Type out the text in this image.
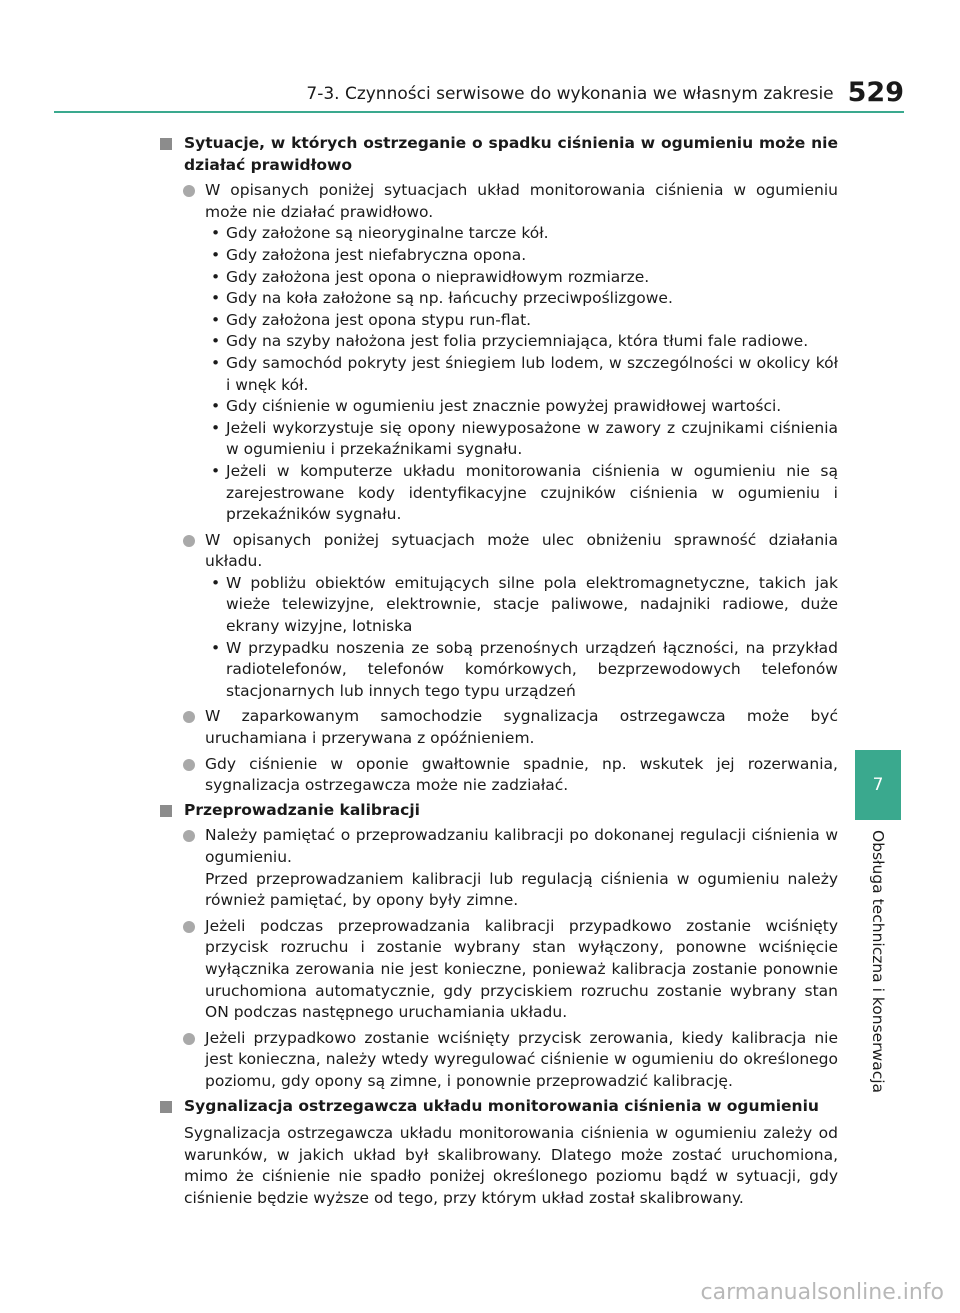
7-3. Czynności serwisowe do wykonania we własnym zakresie 529
7
Obsługa techniczna i konserwacja
Sytuacje, w których ostrzeganie o spadku ciśnienia w ogumieniu może nie działać prawidłowo
W opisanych poniżej sytuacjach układ monitorowania ciśnienia w ogumieniu może nie działać prawidłowo.
• Gdy założone są nieoryginalne tarcze kół.
• Gdy założona jest niefabryczna opona.
• Gdy założona jest opona o nieprawidłowym rozmiarze.
• Gdy na koła założone są np. łańcuchy przeciwpoślizgowe.
• Gdy założona jest opona stypu run-flat.
• Gdy na szyby nałożona jest folia przyciemniająca, która tłumi fale radiowe.
• Gdy samochód pokryty jest śniegiem lub lodem, w szczególności w okolicy kół i wnęk kół.
• Gdy ciśnienie w ogumieniu jest znacznie powyżej prawidłowej wartości.
• Jeżeli wykorzystuje się opony niewyposażone w zawory z czujnikami ciśnienia w ogumieniu i przekaźnikami sygnału.
• Jeżeli w komputerze układu monitorowania ciśnienia w ogumieniu nie są zarejestrowane kody identyfikacyjne czujników ciśnienia w ogumieniu i przekaźników sygnału.
W opisanych poniżej sytuacjach może ulec obniżeniu sprawność działania układu.
• W pobliżu obiektów emitujących silne pola elektromagnetyczne, takich jak wieże telewizyjne, elektrownie, stacje paliwowe, nadajniki radiowe, duże ekrany wizyjne, lotniska
• W przypadku noszenia ze sobą przenośnych urządzeń łączności, na przykład radiotelefonów, telefonów komórkowych, bezprzewodowych telefonów stacjonarnych lub innych tego typu urządzeń
W zaparkowanym samochodzie sygnalizacja ostrzegawcza może być uruchamiana i przerywana z opóźnieniem.
Gdy ciśnienie w oponie gwałtownie spadnie, np. wskutek jej rozerwania, sygnalizacja ostrzegawcza może nie zadziałać.
Przeprowadzanie kalibracji
Należy pamiętać o przeprowadzaniu kalibracji po dokonanej regulacji ciśnienia w ogumieniu.
Przed przeprowadzaniem kalibracji lub regulacją ciśnienia w ogumieniu należy również pamiętać, by opony były zimne.
Jeżeli podczas przeprowadzania kalibracji przypadkowo zostanie wciśnięty przycisk rozruchu i zostanie wybrany stan wyłączony, ponowne wciśnięcie wyłącznika zerowania nie jest konieczne, ponieważ kalibracja zostanie ponownie uruchomiona automatycznie, gdy przyciskiem rozruchu zostanie wybrany stan ON podczas następnego uruchamiania układu.
Jeżeli przypadkowo zostanie wciśnięty przycisk zerowania, kiedy kalibracja nie jest konieczna, należy wtedy wyregulować ciśnienie w ogumieniu do określonego poziomu, gdy opony są zimne, i ponownie przeprowadzić kalibrację.
Sygnalizacja ostrzegawcza układu monitorowania ciśnienia w ogumieniu
Sygnalizacja ostrzegawcza układu monitorowania ciśnienia w ogumieniu zależy od warunków, w jakich układ był skalibrowany. Dlatego może zostać uruchomiona, mimo że ciśnienie nie spadło poniżej określonego poziomu bądź w sytuacji, gdy ciśnienie będzie wyższe od tego, przy którym układ został skalibrowany.
carmanualsonline.info
